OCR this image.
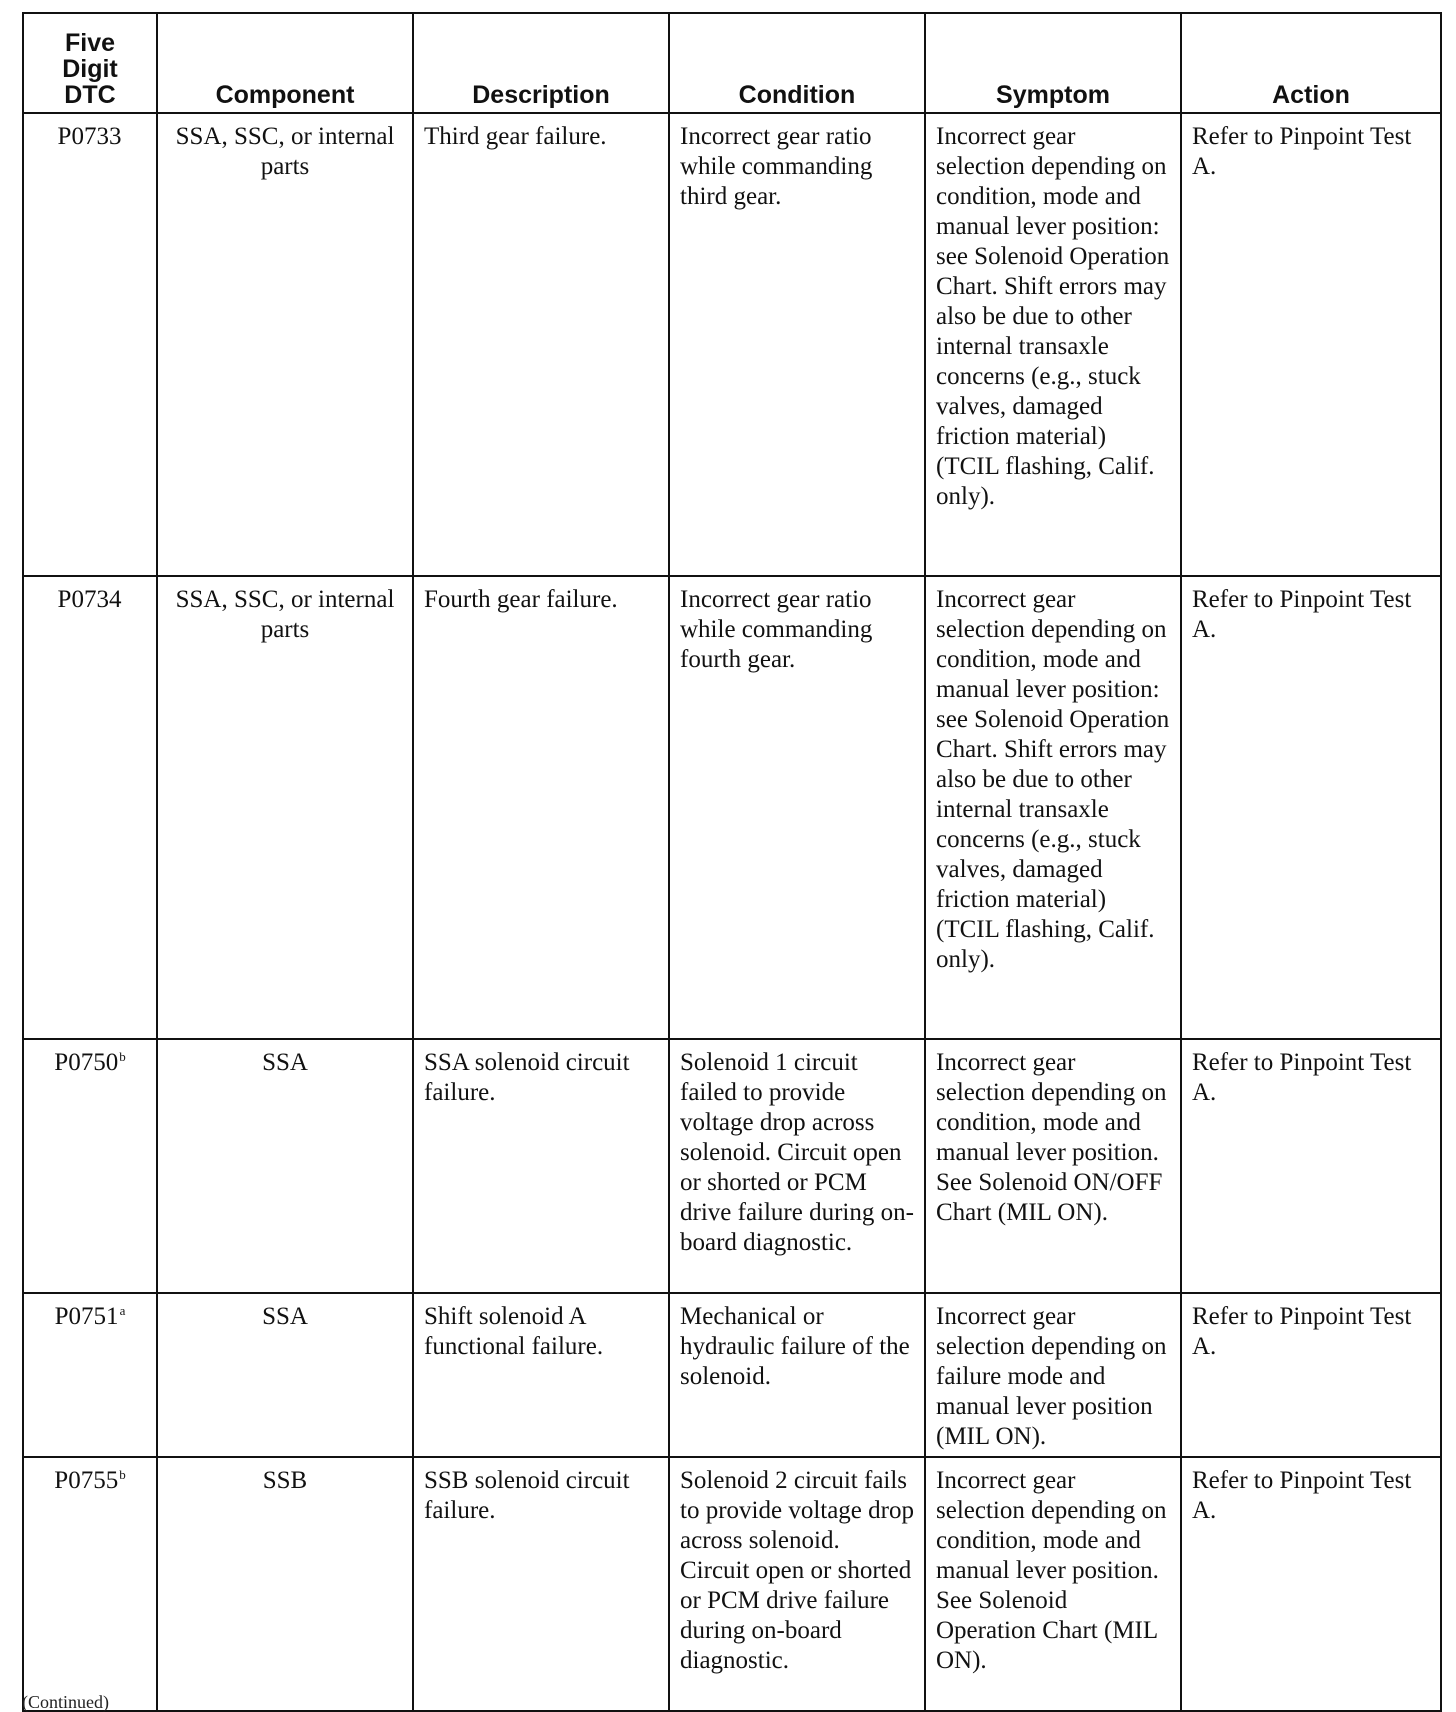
Five
Digit
DTC	Component	Description	Condition	Symptom	Action
P0733	SSA, SSC, or internal parts	Third gear failure.	Incorrect gear ratio while commanding third gear.	Incorrect gear selection depending on condition, mode and manual lever position: see Solenoid Operation Chart. Shift errors may also be due to other internal transaxle concerns (e.g., stuck valves, damaged friction material) (TCIL flashing, Calif. only).	Refer to Pinpoint Test A.
P0734	SSA, SSC, or internal parts	Fourth gear failure.	Incorrect gear ratio while commanding fourth gear.	Incorrect gear selection depending on condition, mode and manual lever position: see Solenoid Operation Chart. Shift errors may also be due to other internal transaxle concerns (e.g., stuck valves, damaged friction material) (TCIL flashing, Calif. only).	Refer to Pinpoint Test A.
P0750$^b$	SSA	SSA solenoid circuit failure.	Solenoid 1 circuit failed to provide voltage drop across solenoid. Circuit open or shorted or PCM drive failure during on-board diagnostic.	Incorrect gear selection depending on condition, mode and manual lever position. See Solenoid ON/OFF Chart (MIL ON).	Refer to Pinpoint Test A.
P0751$^a$	SSA	Shift solenoid A functional failure.	Mechanical or hydraulic failure of the solenoid.	Incorrect gear selection depending on failure mode and manual lever position (MIL ON).	Refer to Pinpoint Test A.
P0755$^b$	SSB	SSB solenoid circuit failure.	Solenoid 2 circuit fails to provide voltage drop across solenoid. Circuit open or shorted or PCM drive failure during on-board diagnostic.	Incorrect gear selection depending on condition, mode and manual lever position. See Solenoid Operation Chart (MIL ON).	Refer to Pinpoint Test A.
(Continued)
